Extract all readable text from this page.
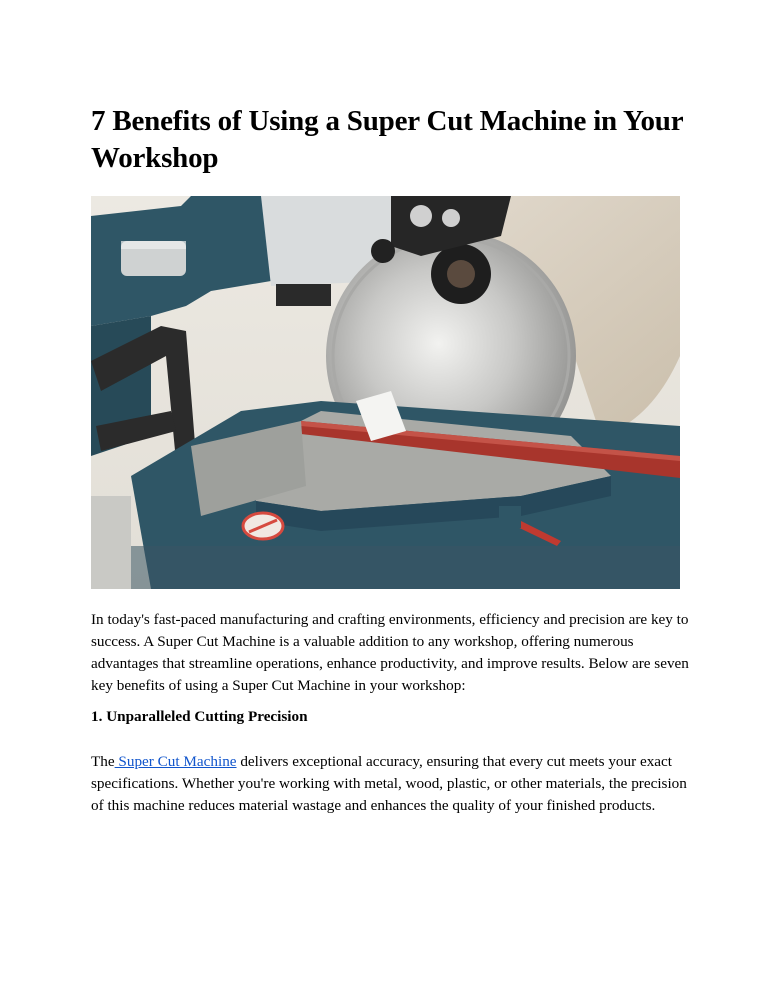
7 Benefits of Using a Super Cut Machine in Your Workshop

In today's fast-paced manufacturing and crafting environments, efficiency and precision are key to success. A Super Cut Machine is a valuable addition to any workshop, offering numerous advantages that streamline operations, enhance productivity, and improve results. Below are seven key benefits of using a Super Cut Machine in your workshop:

1. Unparalleled Cutting Precision

The Super Cut Machine delivers exceptional accuracy, ensuring that every cut meets your exact specifications. Whether you're working with metal, wood, plastic, or other materials, the precision of this machine reduces material wastage and enhances the quality of your finished products.
